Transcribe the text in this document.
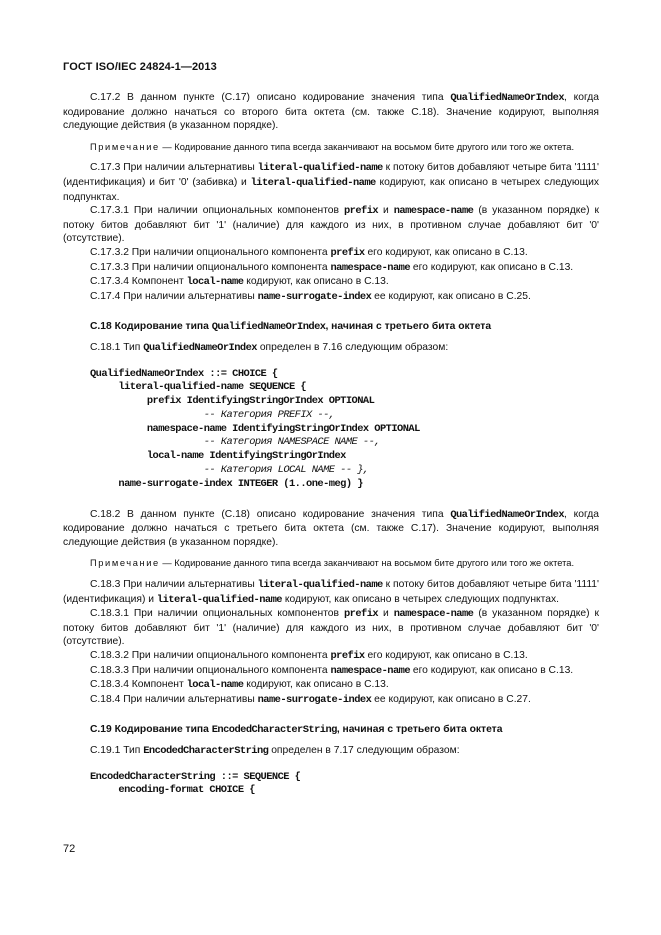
ГОСТ ISO/IEC 24824-1—2013

C.17.2 В данном пункте (C.17) описано кодирование значения типа QualifiedNameOrIndex, когда кодирование должно начаться со второго бита октета (см. также C.18). Значение кодируют, выполняя следующие действия (в указанном порядке).

Примечание — Кодирование данного типа всегда заканчивают на восьмом бите другого или того же октета.

C.17.3 При наличии альтернативы literal-qualified-name к потоку битов добавляют четыре бита '1111' (идентификация) и бит '0' (забивка) и literal-qualified-name кодируют, как описано в четырех следующих подпунктах.

C.17.3.1 При наличии опциональных компонентов prefix и namespace-name (в указанном порядке) к потоку битов добавляют бит '1' (наличие) для каждого из них, в противном случае добавляют бит '0' (отсутствие).

C.17.3.2 При наличии опционального компонента prefix его кодируют, как описано в C.13.

C.17.3.3 При наличии опционального компонента namespace-name его кодируют, как описано в C.13.

C.17.3.4 Компонент local-name кодируют, как описано в C.13.

C.17.4 При наличии альтернативы name-surrogate-index ее кодируют, как описано в C.25.

C.18 Кодирование типа QualifiedNameOrIndex, начиная с третьего бита октета

C.18.1 Тип QualifiedNameOrIndex определен в 7.16 следующим образом:

QualifiedNameOrIndex ::= CHOICE {
literal-qualified-name SEQUENCE {
prefix IdentifyingStringOrIndex OPTIONAL
-- Категория PREFIX --,
namespace-name IdentifyingStringOrIndex OPTIONAL
-- Категория NAMESPACE NAME --,
local-name IdentifyingStringOrIndex
-- Категория LOCAL NAME -- },
name-surrogate-index INTEGER (1..one-meg) }

C.18.2 В данном пункте (C.18) описано кодирование значения типа QualifiedNameOrIndex, когда кодирование должно начаться с третьего бита октета (см. также C.17). Значение кодируют, выполняя следующие действия (в указанном порядке).

Примечание — Кодирование данного типа всегда заканчивают на восьмом бите другого или того же октета.

C.18.3 При наличии альтернативы literal-qualified-name к потоку битов добавляют четыре бита '1111' (идентификация) и literal-qualified-name кодируют, как описано в четырех следующих подпунктах.

C.18.3.1 При наличии опциональных компонентов prefix и namespace-name (в указанном порядке) к потоку битов добавляют бит '1' (наличие) для каждого из них, в противном случае добавляют бит '0' (отсутствие).

C.18.3.2 При наличии опционального компонента prefix его кодируют, как описано в C.13.

C.18.3.3 При наличии опционального компонента namespace-name его кодируют, как описано в C.13.

C.18.3.4 Компонент local-name кодируют, как описано в C.13.

C.18.4 При наличии альтернативы name-surrogate-index ее кодируют, как описано в C.27.

C.19 Кодирование типа EncodedCharacterString, начиная с третьего бита октета

C.19.1 Тип EncodedCharacterString определен в 7.17 следующим образом:

EncodedCharacterString ::= SEQUENCE {
encoding-format CHOICE {
72
